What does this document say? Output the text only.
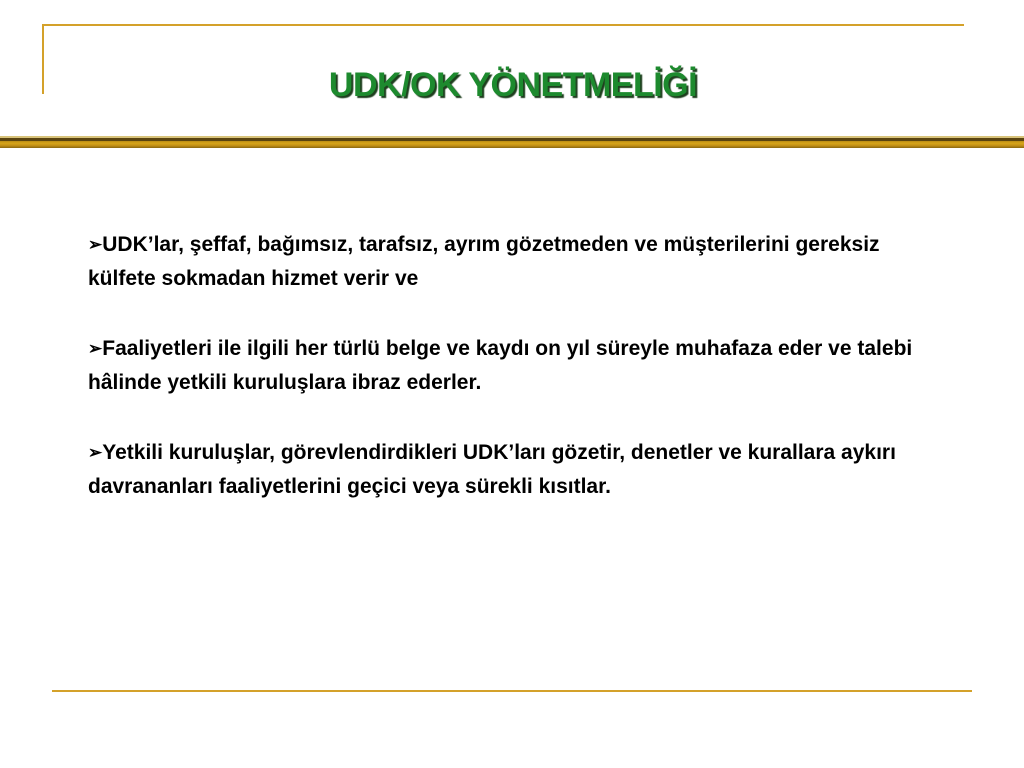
UDK/OK YÖNETMELİĞİ
➢UDK’lar, şeffaf, bağımsız, tarafsız, ayrım gözetmeden ve müşterilerini gereksiz külfete sokmadan hizmet verir ve
➢Faaliyetleri ile ilgili her türlü belge ve kaydı on yıl süreyle muhafaza eder ve talebi hâlinde yetkili kuruluşlara ibraz ederler.
➢Yetkili kuruluşlar, görevlendirdikleri UDK’ları gözetir, denetler ve kurallara aykırı davrananları faaliyetlerini geçici veya sürekli kısıtlar.
